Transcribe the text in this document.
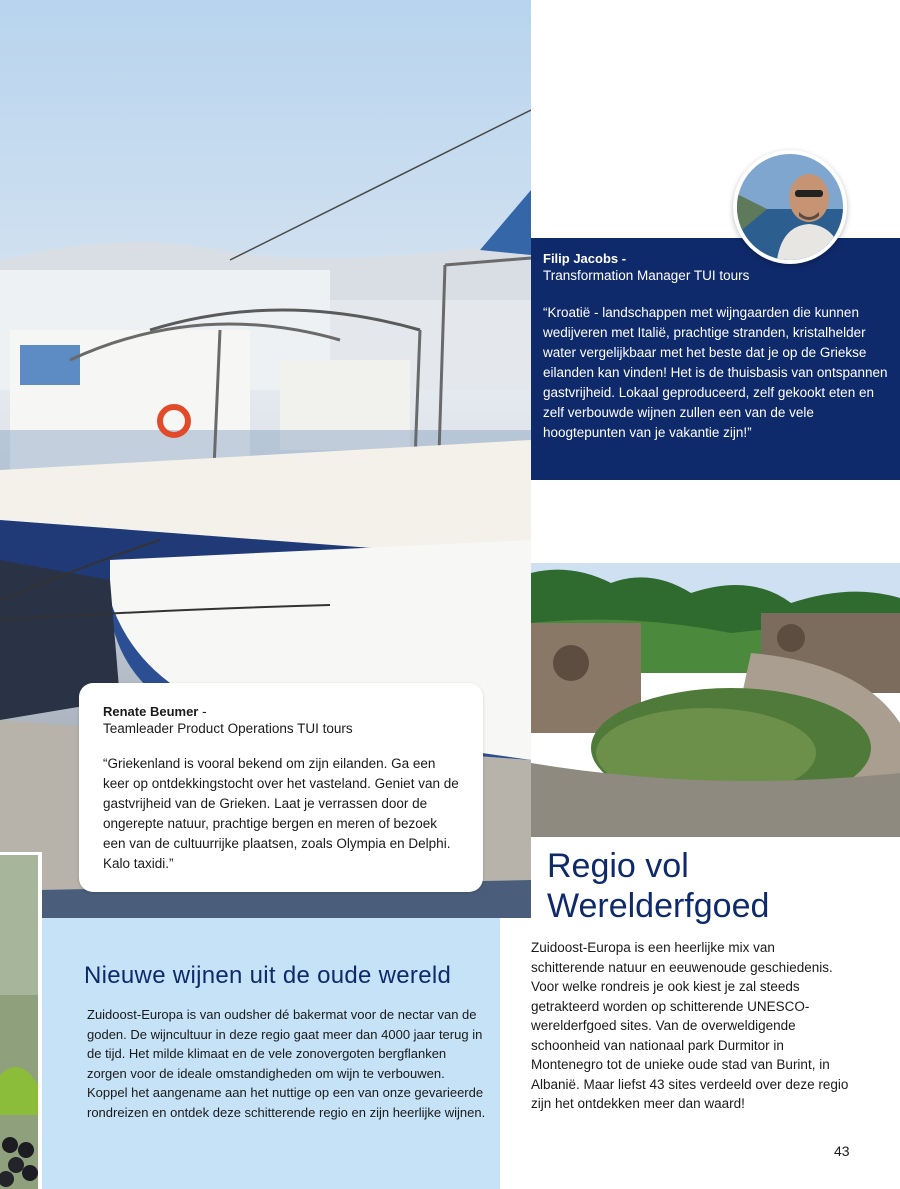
Filip Jacobs -
Transformation Manager TUI tours
“Kroatië - landschappen met wijngaarden die kunnen wedijveren met Italië, prachtige stranden, kristalhelder water vergelijkbaar met het beste dat je op de Griekse eilanden kan vinden! Het is de thuisbasis van ontspannen gastvrijheid. Lokaal geproduceerd, zelf gekookt eten en zelf verbouwde wijnen zullen een van de vele hoogtepunten van je vakantie zijn!”
Renate Beumer -
Teamleader Product Operations TUI tours
“Griekenland is vooral bekend om zijn eilanden. Ga een keer op ontdekkingstocht over het vasteland. Geniet van de gastvrijheid van de Grieken. Laat je verrassen door de ongerepte natuur, prachtige bergen en meren of bezoek een van de cultuurrijke plaatsen, zoals Olympia en Delphi.
Kalo taxidi.”
Nieuwe wijnen uit de oude wereld
Zuidoost-Europa is van oudsher dé bakermat voor de nectar van de goden. De wijncultuur in deze regio gaat meer dan 4000 jaar terug in de tijd. Het milde klimaat en de vele zonovergoten bergflanken zorgen voor de ideale omstandigheden om wijn te verbouwen. Koppel het aangename aan het nuttige op een van onze gevarieerde rondreizen en ontdek deze schitterende regio en zijn heerlijke wijnen.
Regio vol
Werelderfgoed
Zuidoost-Europa is een heerlijke mix van schitterende natuur en eeuwenoude geschiedenis. Voor welke rondreis je ook kiest je zal steeds getrakteerd worden op schitterende UNESCO-werelderfgoed sites. Van de overweldigende schoonheid van nationaal park Durmitor in Montenegro tot de unieke oude stad van Burint, in Albanië. Maar liefst 43 sites verdeeld over deze regio zijn het ontdekken meer dan waard!
43
